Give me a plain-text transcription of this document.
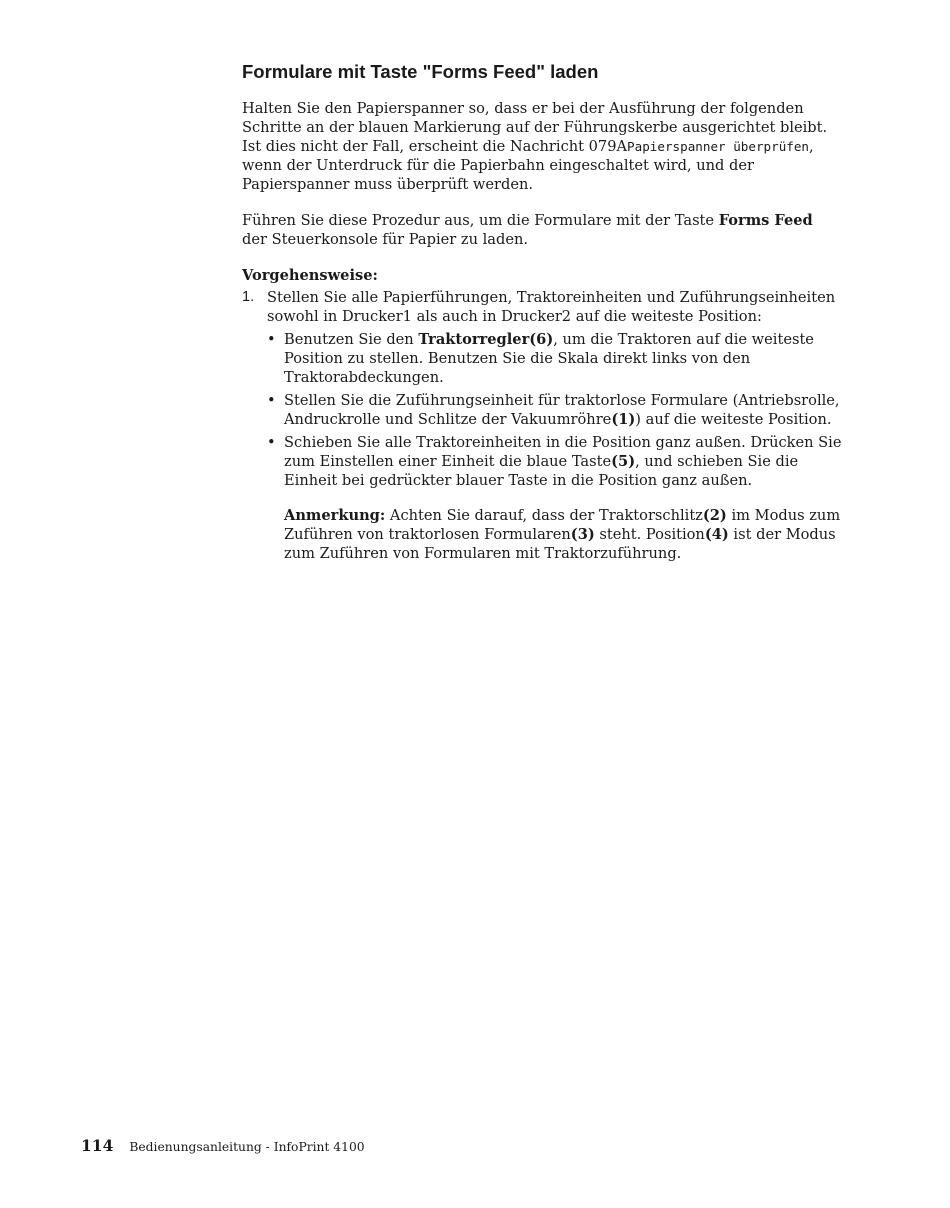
Formulare mit Taste "Forms Feed" laden

Halten Sie den Papierspanner so, dass er bei der Ausführung der folgenden Schritte an der blauen Markierung auf der Führungskerbe ausgerichtet bleibt. Ist dies nicht der Fall, erscheint die Nachricht 079APapierspanner überprüfen, wenn der Unterdruck für die Papierbahn eingeschaltet wird, und der Papierspanner muss überprüft werden.

Führen Sie diese Prozedur aus, um die Formulare mit der Taste Forms Feed der Steuerkonsole für Papier zu laden.

Vorgehensweise:

1. Stellen Sie alle Papierführungen, Traktoreinheiten und Zuführungseinheiten sowohl in Drucker1 als auch in Drucker2 auf die weiteste Position:
• Benutzen Sie den Traktorregler(6), um die Traktoren auf die weiteste Position zu stellen. Benutzen Sie die Skala direkt links von den Traktorabdeckungen.
• Stellen Sie die Zuführungseinheit für traktorlose Formulare (Antriebsrolle, Andruckrolle und Schlitze der Vakuumröhre(1)) auf die weiteste Position.
• Schieben Sie alle Traktoreinheiten in die Position ganz außen. Drücken Sie zum Einstellen einer Einheit die blaue Taste(5), und schieben Sie die Einheit bei gedrückter blauer Taste in die Position ganz außen.
Anmerkung: Achten Sie darauf, dass der Traktorschlitz(2) im Modus zum Zuführen von traktorlosen Formularen(3) steht. Position(4) ist der Modus zum Zuführen von Formularen mit Traktorzuführung.
114 Bedienungsanleitung - InfoPrint 4100
